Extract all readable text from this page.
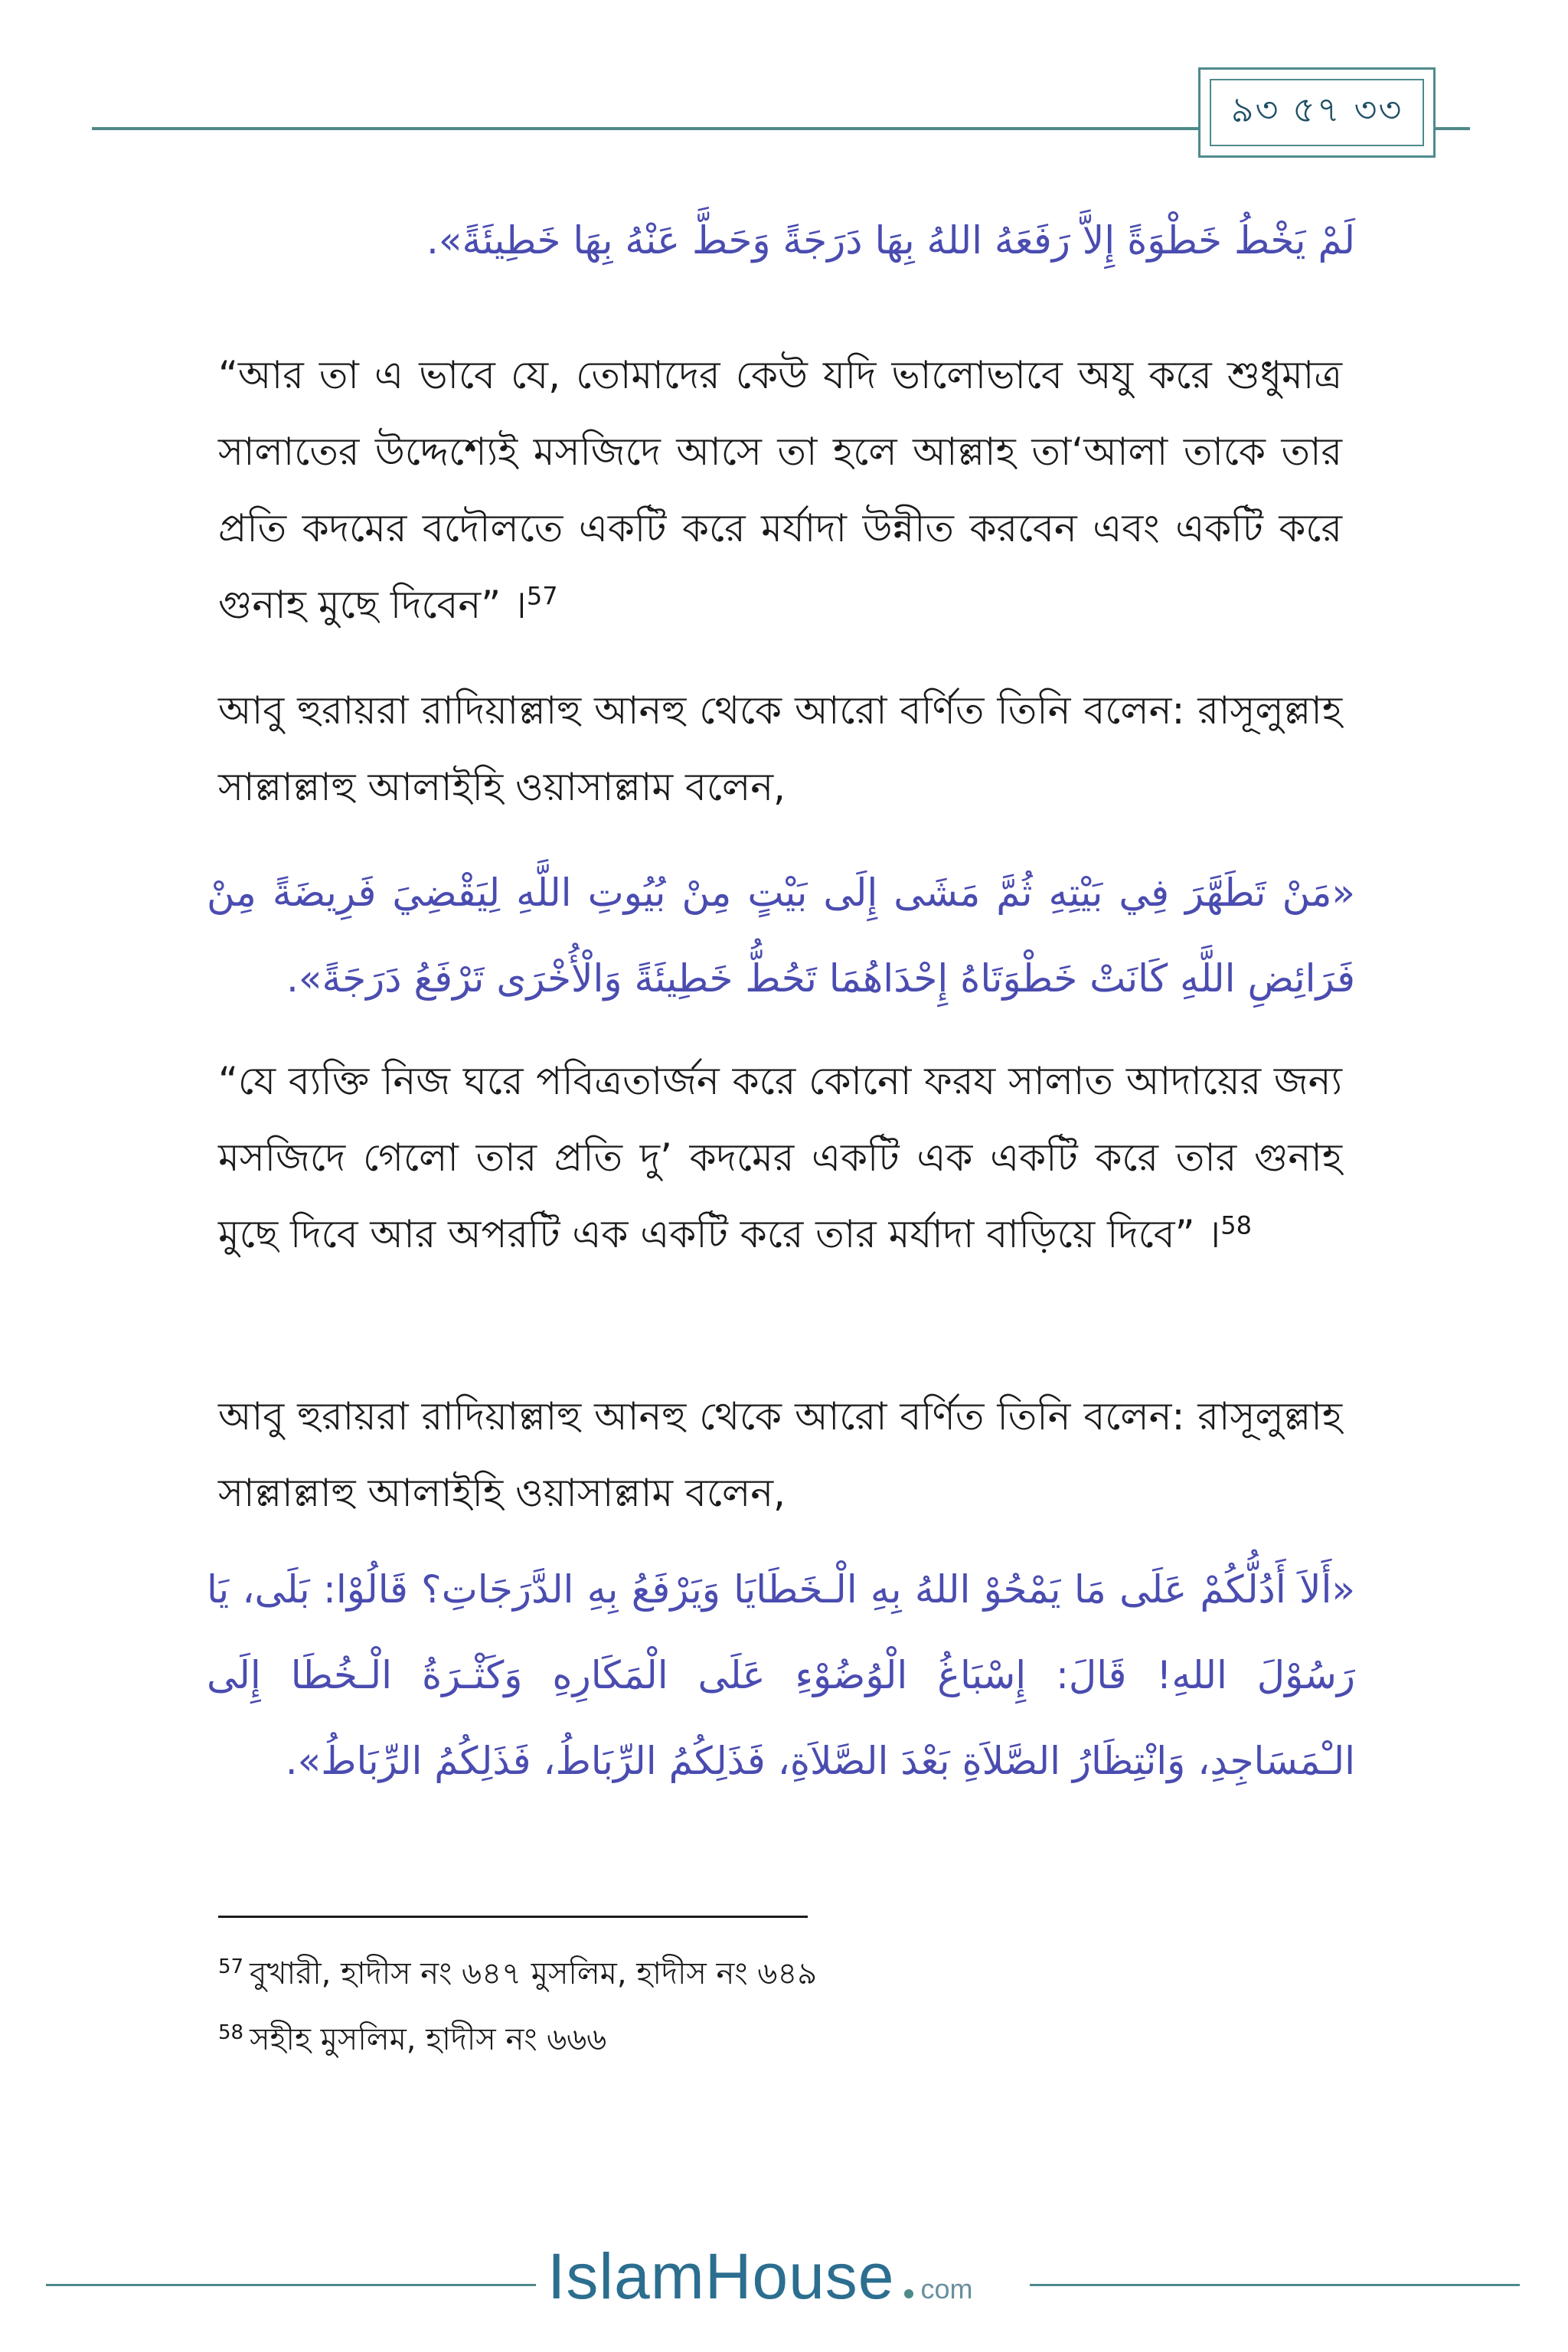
৯৩ ৫৭ ৩৩
لَمْ يَخْطُ خَطْوَةً إِلاَّ رَفَعَهُ اللهُ بِهَا دَرَجَةً وَحَطَّ عَنْهُ بِهَا خَطِيئَةً».
“আর তা এ ভাবে যে, তোমাদের কেউ যদি ভালোভাবে অযু করে শুধুমাত্র সালাতের উদ্দেশ্যেই মসজিদে আসে তা হলে আল্লাহ তা‘আলা তাকে তার প্রতি কদমের বদৌলতে একটি করে মর্যাদা উন্নীত করবেন এবং একটি করে গুনাহ মুছে দিবেন” ।$^{57}$
আবু হুরায়রা রাদিয়াল্লাহু আনহু থেকে আরো বর্ণিত তিনি বলেন: রাসূলুল্লাহ সাল্লাল্লাহু আলাইহি ওয়াসাল্লাম বলেন,
«مَنْ تَطَهَّرَ فِي بَيْتِهِ ثُمَّ مَشَى إِلَى بَيْتٍ مِنْ بُيُوتِ اللَّهِ لِيَقْضِيَ فَرِيضَةً مِنْ فَرَائِضِ اللَّهِ كَانَتْ خَطْوَتَاهُ إِحْدَاهُمَا تَحُطُّ خَطِيئَةً وَالْأُخْرَى تَرْفَعُ دَرَجَةً».
“যে ব্যক্তি নিজ ঘরে পবিত্রতার্জন করে কোনো ফরয সালাত আদায়ের জন্য মসজিদে গেলো তার প্রতি দু’ কদমের একটি এক একটি করে তার গুনাহ মুছে দিবে আর অপরটি এক একটি করে তার মর্যাদা বাড়িয়ে দিবে” ।$^{58}$
আবু হুরায়রা রাদিয়াল্লাহু আনহু থেকে আরো বর্ণিত তিনি বলেন: রাসূলুল্লাহ সাল্লাল্লাহু আলাইহি ওয়াসাল্লাম বলেন,
«أَلاَ أَدُلُّكُمْ عَلَى مَا يَمْحُوْ اللهُ بِهِ الْـخَطَايَا وَيَرْفَعُ بِهِ الدَّرَجَاتِ؟ قَالُوْا: بَلَى، يَا رَسُوْلَ اللهِ! قَالَ: إِسْبَاغُ الْوُضُوْءِ عَلَى الْمَكَارِهِ وَكَثْـرَةُ الْـخُطَا إِلَى الـْمَسَاجِدِ، وَانْتِظَارُ الصَّلاَةِ بَعْدَ الصَّلاَةِ، فَذَلِكُمُ الرِّبَاطُ، فَذَلِكُمُ الرِّبَاطُ».
$^{57}$ বুখারী, হাদীস নং ৬৪৭ মুসলিম, হাদীস নং ৬৪৯
$^{58}$ সহীহ মুসলিম, হাদীস নং ৬৬৬
IslamHouse com
